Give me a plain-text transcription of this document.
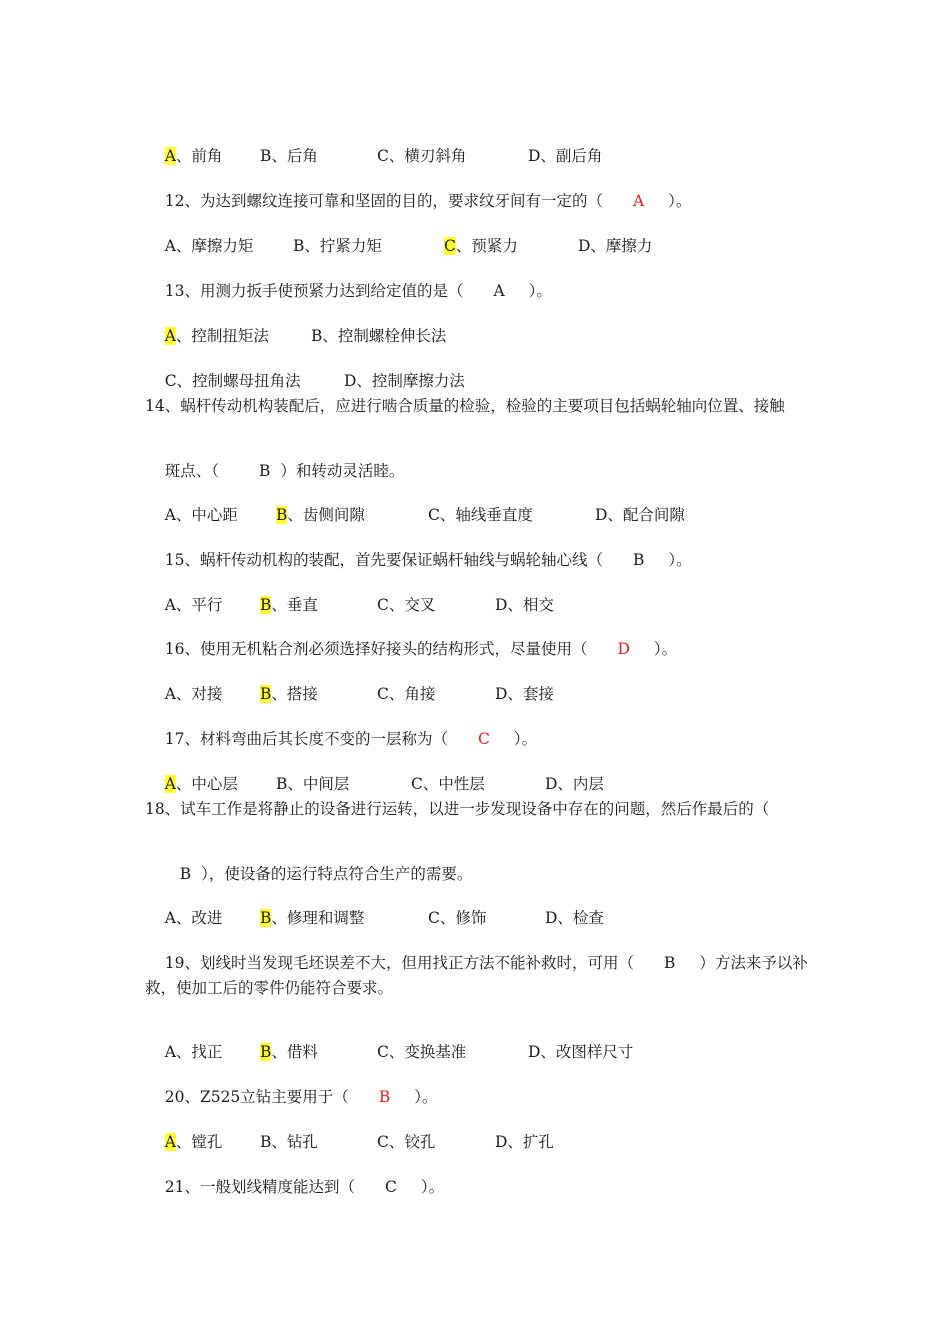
A、前角 B、后角	C、横刃斜角	D、副后角

12、为达到螺纹连接可靠和坚固的目的，要求纹牙间有一定的（ A ）。

A、摩擦力矩	B、拧紧力矩	C、预紧力	D、摩擦力

13、用测力扳手使预紧力达到给定值的是（ A ）。

A、控制扭矩法	B、控制螺栓伸长法

C、控制螺母扭角法	D、控制摩擦力法

14、蜗杆传动机构装配后，应进行啮合质量的检验，检验的主要项目包括蜗轮轴向位置、接触

斑点、（	B ）和转动灵活睦。

A、中心距 B、齿侧间隙	C、轴线垂直度	D、配合间隙

15、蜗杆传动机构的装配，首先要保证蜗杆轴线与蜗轮轴心线（ B ）。

A、平行 B、垂直	C、交叉	D、相交

16、使用无机粘合剂必须选择好接头的结构形式，尽量使用（ D ）。

A、对接 B、搭接	C、角接	D、套接

17、材料弯曲后其长度不变的一层称为（ C ）。

A、中心层 B、中间层	C、中性层	D、内层

18、试车工作是将静止的设备进行运转，以进一步发现设备中存在的问题，然后作最后的（

B ），使设备的运行特点符合生产的需要。

A、改进 B、修理和调整	C、修饰	D、检查

19、划线时当发现毛坯误差不大，但用找正方法不能补救时，可用（ B ）方法来予以补

救，使加工后的零件仍能符合要求。

A、找正 B、借料	C、变换基准	D、改图样尺寸

20、Z525立钻主要用于（ B ）。

A、镗孔 B、钻孔	C、铰孔	D、扩孔

21、一般划线精度能达到（ C ）。
